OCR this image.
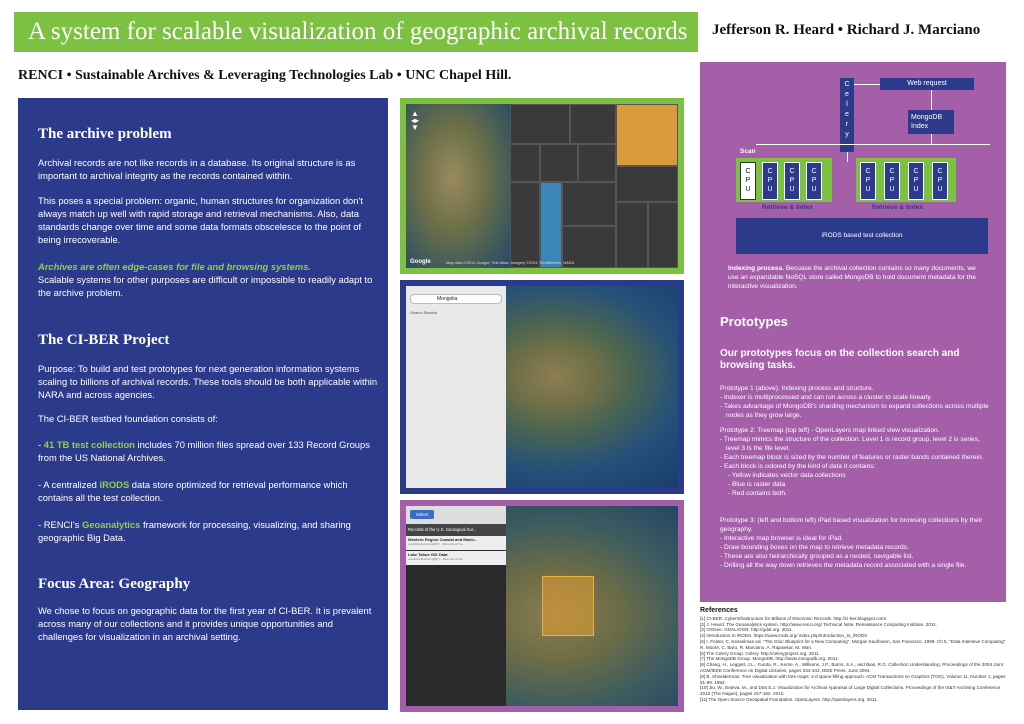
A system for scalable visualization of geographic archival records	Jefferson R. Heard • Richard J. Marciano
RENCI • Sustainable Archives & Leveraging Technologies Lab • UNC Chapel Hill.
The archive problem

Archival records are not like records in a database. Its original structure is as important to archival integrity as the records contained within.

This poses a special problem: organic, human structures for organization don't always match up well with rapid storage and retrieval mechanisms. Also, data standards change over time and some data formats obscelesce to the point of being irrecoverable.

Archives are often edge-cases for file and browsing systems.
Scalable systems for other purposes are difficult or impossible to readily adapt to the archive problem.

The CI-BER Project

Purpose: To build and test prototypes for next generation information systems scaling to billions of archival records. These tools should be both applicable within NARA and across agencies.

The CI-BER testbed foundation consists of:

- 41 TB test collection includes 70 million files spread over 133 Record Groups from the US National Archives.

- A centralized iRODS data store optimized for retrieval performance which contains all the test collection.

- RENCI's Geoanalytics framework for processing, visualizing, and sharing geographic Big Data.

Focus Area: Geography

We chose to focus on geographic data for the first year of CI-BER. It is prevalent across many of our collections and it provides unique opportunities and challenges for visualization in an archival setting.

▲
◂▸
▼
Google	Map data ©2011 Google, Tele Atlas, Imagery ©2011 TerraMetrics, NASA
Mongolia
Search Results
Select
Records of the U.S. Geological Sur...
Western Region Coastal and Marin...
results/collection/rg057/... Records of the ...
Lake Tahoe GIS Data
results/collection/rg057/... Records of the ...
C
e
l
e
r
y
Web request
MongoDB
Index
Scan
C
P
U
C
P
U
C
P
U
C
P
U
C
P
U
C
P
U
C
P
U
C
P
U
Retrieve & Index	Retrieve & Index
iRODS based test collection
Indexing process. Becuase the archival collection contains so many documents, we use an expandable NoSQL store called MongoDB to hold document metadata for the interactive visualization.
Prototypes
Our prototypes focus on the collection search and browsing tasks.
Prototype 1 (above): Indexing process and structure.
- Indexer is multiprocessed and can run across a cluster to scale linearly.
- Takes advantage of MongoDB's sharding mechanism to expand collections across multiple nodes as they grow large.
Prototype 2: Treemap (top left) - OpenLayers map linked view visualization.
- Treemap mimics the structure of the collection. Level 1 is record group, level 2 is series, level 3 is the file level.
- Each treemap block is sized by the number of features or raster bands contained therein.
- Each block is colored by the kind of data it contains:
- Yellow indicates vector data collections
- Blue is raster data
- Red contains both.
Prototype 3: (left and bottom left) iPad based visualization for browsing collections by their geography.
- Interactive map browser is ideal for iPad.
- Draw bounding boxes on the map to retrieve metadata records.
- These are also heirarchically grouped as a nested, navigable list.
- Drilling all the way down retrieves the metadata record associated with a single file.
References
[1] CI-BER: Cyberinfrastructure for Billions of Electronic Records. http://ci-ber.blogspot.com/
[2] J. Heard. The Geoanalytics system. http://www.renci.org/ Technical Note, Renaissance Computing Institute. 2011.
[3] OSGeo. GDAL/OGR. http://gdal.org. 2011.
[4] Introduction to iRODS. https://www.irods.org/ index.php/Introduction_to_iRODS
[5] I. Foster, C. Kesselman ed. "The Grid: Blueprint for a New Computing". Morgan Kaufmann, San Francisco. 1999. Ch 5, "Data Intensive Computing" R. Moore, C. Baru, R. Marciano, A. Rajasekar, M. Wan.
[6] The Celery Group. Celery. http://celeryproject.org. 2011.
[7] The MongoDB Group. MongoDB. http://www.mongodb.org. 2011.
[8] Chang, H., Leggett, J.L., Furuta, R., Kerne, A., Williams, J.P., Burns, S.A., and Bias, R.G. Collection Understanding. Proceedings of the 2004 Joint ACM/IEEE Conference on Digital Libraries, pages 334-342, IEEE Press, June 2004.
[9] B. Shneiderman. Tree visualization with tree maps: 2-d space-filling approach. ACM Transactions on Graphics (TOG), Volume 11, Number 1, pages 91-99. 1992.
[10] Jiu, W., Esteva, M., and Dott S.J. Visualization for Archival Appraisal of Large Digital Collections. Proceedings of the IS&T Archiving Conference 2010 (The Hague), pages 157-162. 2010.
[11] The Open Source Geospatial Foundation. OpenLayers. http://openlayers.org. 2011.
